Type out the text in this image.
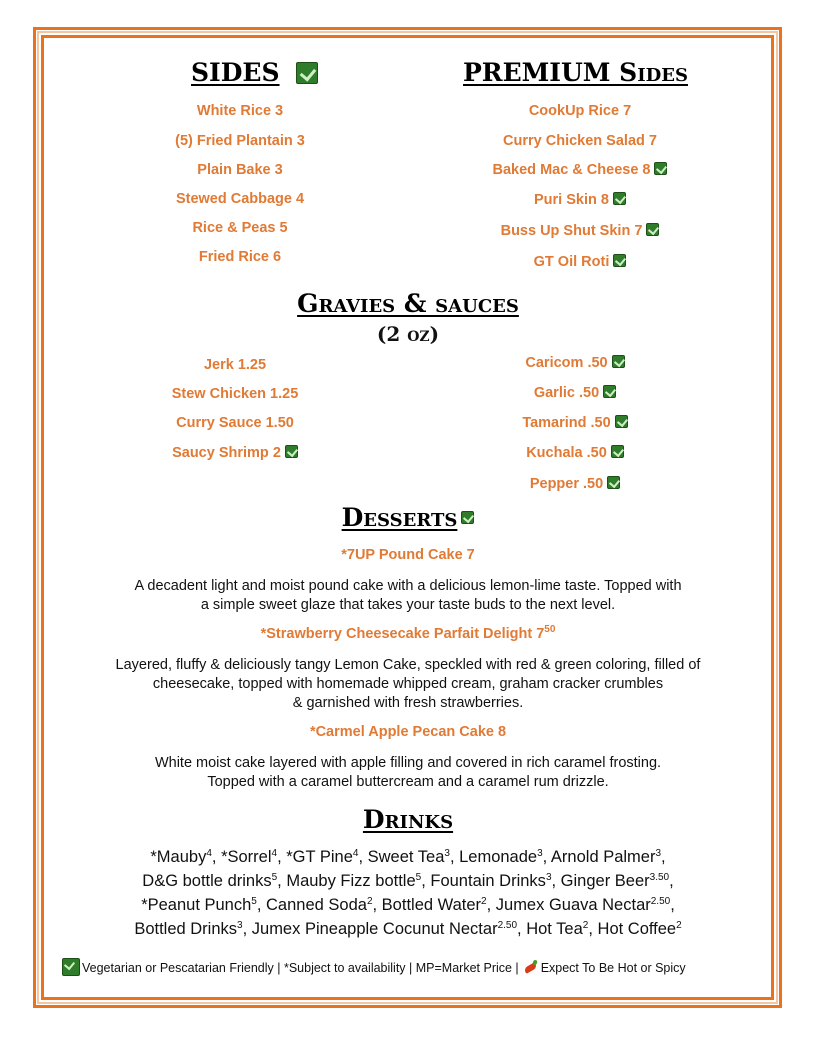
SIDES
White Rice 3
(5) Fried Plantain 3
Plain Bake 3
Stewed Cabbage 4
Rice & Peas 5
Fried Rice 6
PREMIUM Sides
CookUp Rice 7
Curry Chicken Salad 7
Baked Mac & Cheese 8
Puri Skin 8
Buss Up Shut Skin 7
GT Oil Roti
Gravies & sauces
(2 oz)
Jerk 1.25
Stew Chicken 1.25
Curry Sauce 1.50
Saucy Shrimp 2
Caricom .50
Garlic .50
Tamarind .50
Kuchala .50
Pepper .50
Desserts
*7UP Pound Cake 7
A decadent light and moist pound cake with a delicious lemon-lime taste. Topped with
a simple sweet glaze that takes your taste buds to the next level.
*Strawberry Cheesecake Parfait Delight $7^{50}$
Layered, fluffy & deliciously tangy Lemon Cake, speckled with red & green coloring, filled of
cheesecake, topped with homemade whipped cream, graham cracker crumbles
& garnished with fresh strawberries.
*Carmel Apple Pecan Cake 8
White moist cake layered with apple filling and covered in rich caramel frosting.
Topped with a caramel buttercream and a caramel rum drizzle.
Drinks
*Mauby$^4$, *Sorrel$^4$, *GT Pine$^4$, Sweet Tea$^3$, Lemonade$^3$, Arnold Palmer$^3$,
D&G bottle drinks$^5$, Mauby Fizz bottle$^5$, Fountain Drinks$^3$, Ginger Beer$^{3.50}$,
*Peanut Punch$^5$, Canned Soda$^2$, Bottled Water$^2$, Jumex Guava Nectar$^{2.50}$,
Bottled Drinks$^3$, Jumex Pineapple Cocunut Nectar$^{2.50}$, Hot Tea$^2$, Hot Coffee$^2$
Vegetarian or Pescatarian Friendly | *Subject to availability | MP=Market Price | Expect To Be Hot or Spicy
